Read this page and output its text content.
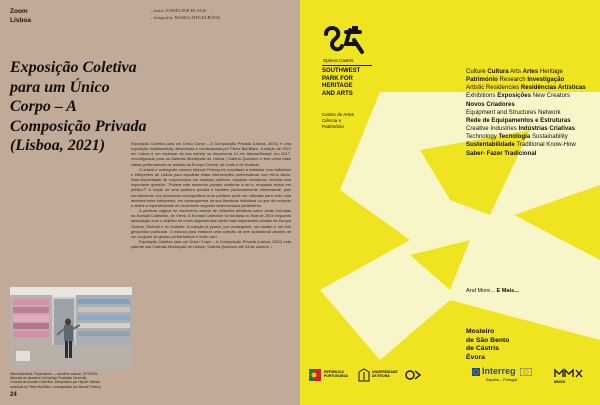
Zoom
Lisboa
– texto: JOSSELINE BLACK
– fotografia: MARIA ZIEGELBÖCK
Exposição Coletiva para um Único Corpo – A Composição Privada (Lisboa, 2021)	Exposição Coletiva para um Único Corpo – A Composição Privada (Lisboa, 2021) é uma exposição multifacetada, desenhada e comissariada por Pierre Bal-Blanc. A edição de 2021 em Lisboa é um repensar da sua estreia na documenta 14 em Atenas/Kassel, em 2017, reconfigurada para as Galerias Municipais de Lisboa | Galeria Quadrum e tem como base várias performances de artistas da Europa Central, de Leste e do Sudeste.

O artista e coreógrafo romeno Manuel Pelmuş foi convidado a trabalhar com bailarinos e intérpretes de Lisboa para espoletar estas intervenções performativas num ritmo diário. Esta implantação de corpo/corpos em espaços públicos, espaços mundanos, levanta uma importante questão: "Poderá este momento privado continuar a sê-lo, enquanto existir em público?" A noção de uma partitura privada é também particularmente interessante, pois normalmente nos processos coreográficos uma partitura pode ser utilizada para criar uma abertura entre intérpretes, em consequência da sua liberdade individual ou que diz respeito a definir a especificidade do movimento segundo determinados parâmetros.

A partitura original de movimento advém de reflexões artísticas sobre obras incluídas na Kontakt Collection, de Viena. A Kontakt Collection foi fundada no final de 2004 enquanto associação com o objetivo de reunir algumas das obras mais importantes criadas na Europa Central, Oriental e do Sudeste. A coleção já possui, por conseguinte, um caráter e um tom geopolítico particular. O esforço para elaborar uma coleção de arte substancial através de um conjunto de gestos performativos é muito raro.

Exposição Coletiva para um Único Corpo – A Composição Privada (Lisboa, 2021) está patente nas Galerias Municipais de Lisboa | Galeria Quadrum até 24 de outubro. /

Milan Adamčiak, Paperciendo — concêrto musical, 1970/1991.
Mercado do abastece Lidl (antigo Fundação Generali).
Cortesia da Kontakt Collection. Interpretado por Hayder Wahab,
curadoria de Pierre Bal-Blanc, coreografado por Manuel Pelmuş.
24
Sphera Castris
SOUTHWEST
PARK FOR
HERITAGE
AND ARTS
Centro de Artes
Ciência e
Património
Culture Cultura Arts Artes Heritage Património Research Investigação Artistic Residencies Residências Artísticas Exhibitions Exposições New Creators Novos Criadores Equipment and Structures Network Rede de Equipamentos e Estruturas Creative Industries Indústrias Criativas Technology Tecnologia Sustainability Sustentabilidade Traditional Know-How Saber- Fazer Tradicional
And More... E Mais...
Mosteiro
de São Bento
de Cástris
Évora
REPÚBLICA
PORTUGUESA
UNIVERSIDADE
DE ÉVORA	Interreg
España – Portugal	MMXXI
